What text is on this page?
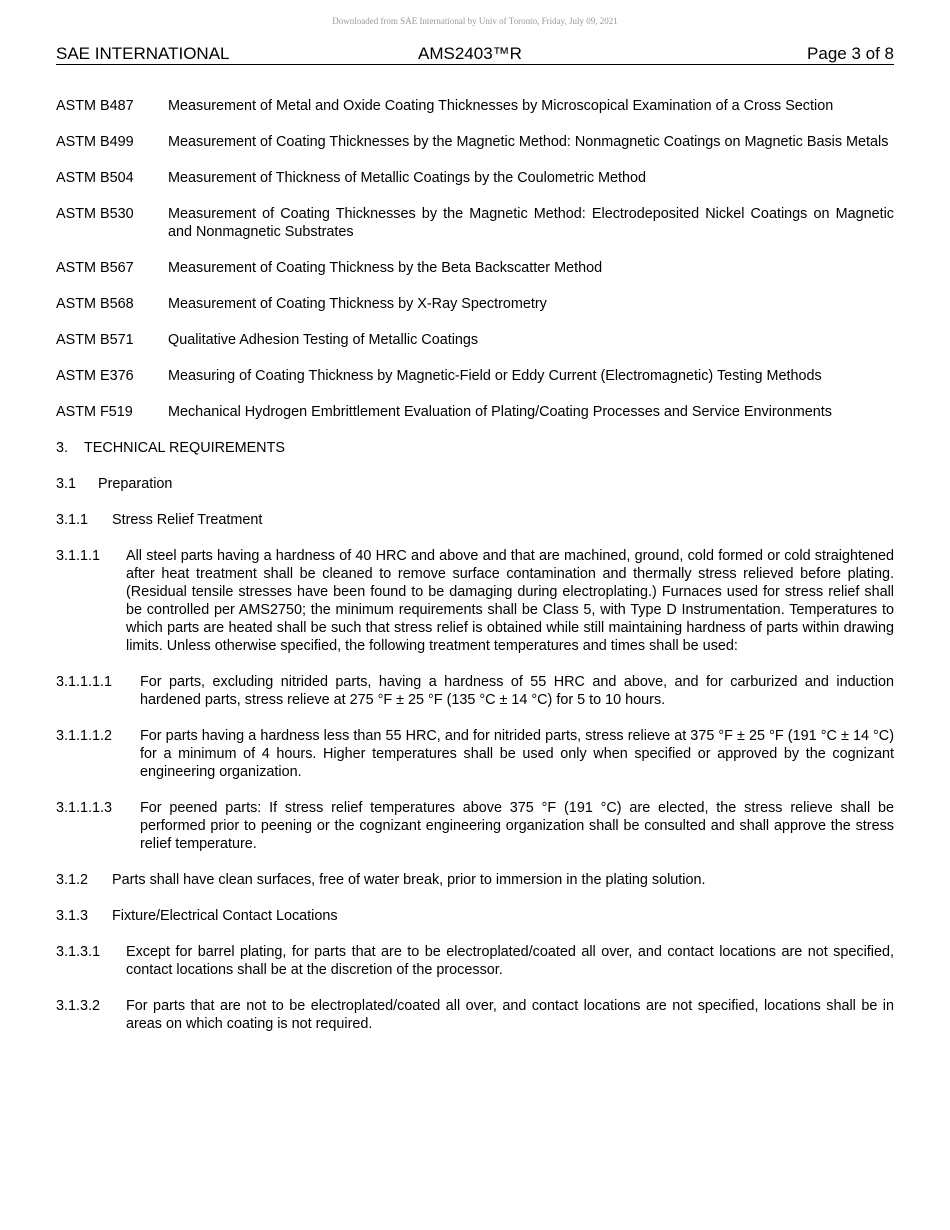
Downloaded from SAE International by Univ of Toronto, Friday, July 09, 2021
SAE INTERNATIONAL	AMS2403™R	Page 3 of 8
ASTM B487	Measurement of Metal and Oxide Coating Thicknesses by Microscopical Examination of a Cross Section
ASTM B499	Measurement of Coating Thicknesses by the Magnetic Method: Nonmagnetic Coatings on Magnetic Basis Metals
ASTM B504	Measurement of Thickness of Metallic Coatings by the Coulometric Method
ASTM B530	Measurement of Coating Thicknesses by the Magnetic Method: Electrodeposited Nickel Coatings on Magnetic and Nonmagnetic Substrates
ASTM B567	Measurement of Coating Thickness by the Beta Backscatter Method
ASTM B568	Measurement of Coating Thickness by X-Ray Spectrometry
ASTM B571	Qualitative Adhesion Testing of Metallic Coatings
ASTM E376	Measuring of Coating Thickness by Magnetic-Field or Eddy Current (Electromagnetic) Testing Methods
ASTM F519	Mechanical Hydrogen Embrittlement Evaluation of Plating/Coating Processes and Service Environments
3.	TECHNICAL REQUIREMENTS
3.1	Preparation
3.1.1	Stress Relief Treatment
3.1.1.1	All steel parts having a hardness of 40 HRC and above and that are machined, ground, cold formed or cold straightened after heat treatment shall be cleaned to remove surface contamination and thermally stress relieved before plating. (Residual tensile stresses have been found to be damaging during electroplating.) Furnaces used for stress relief shall be controlled per AMS2750; the minimum requirements shall be Class 5, with Type D Instrumentation. Temperatures to which parts are heated shall be such that stress relief is obtained while still maintaining hardness of parts within drawing limits. Unless otherwise specified, the following treatment temperatures and times shall be used:
3.1.1.1.1	For parts, excluding nitrided parts, having a hardness of 55 HRC and above, and for carburized and induction hardened parts, stress relieve at 275 °F ± 25 °F (135 °C ± 14 °C) for 5 to 10 hours.
3.1.1.1.2	For parts having a hardness less than 55 HRC, and for nitrided parts, stress relieve at 375 °F ± 25 °F (191 °C ± 14 °C) for a minimum of 4 hours. Higher temperatures shall be used only when specified or approved by the cognizant engineering organization.
3.1.1.1.3	For peened parts: If stress relief temperatures above 375 °F (191 °C) are elected, the stress relieve shall be performed prior to peening or the cognizant engineering organization shall be consulted and shall approve the stress relief temperature.
3.1.2	Parts shall have clean surfaces, free of water break, prior to immersion in the plating solution.
3.1.3	Fixture/Electrical Contact Locations
3.1.3.1	Except for barrel plating, for parts that are to be electroplated/coated all over, and contact locations are not specified, contact locations shall be at the discretion of the processor.
3.1.3.2	For parts that are not to be electroplated/coated all over, and contact locations are not specified, locations shall be in areas on which coating is not required.
